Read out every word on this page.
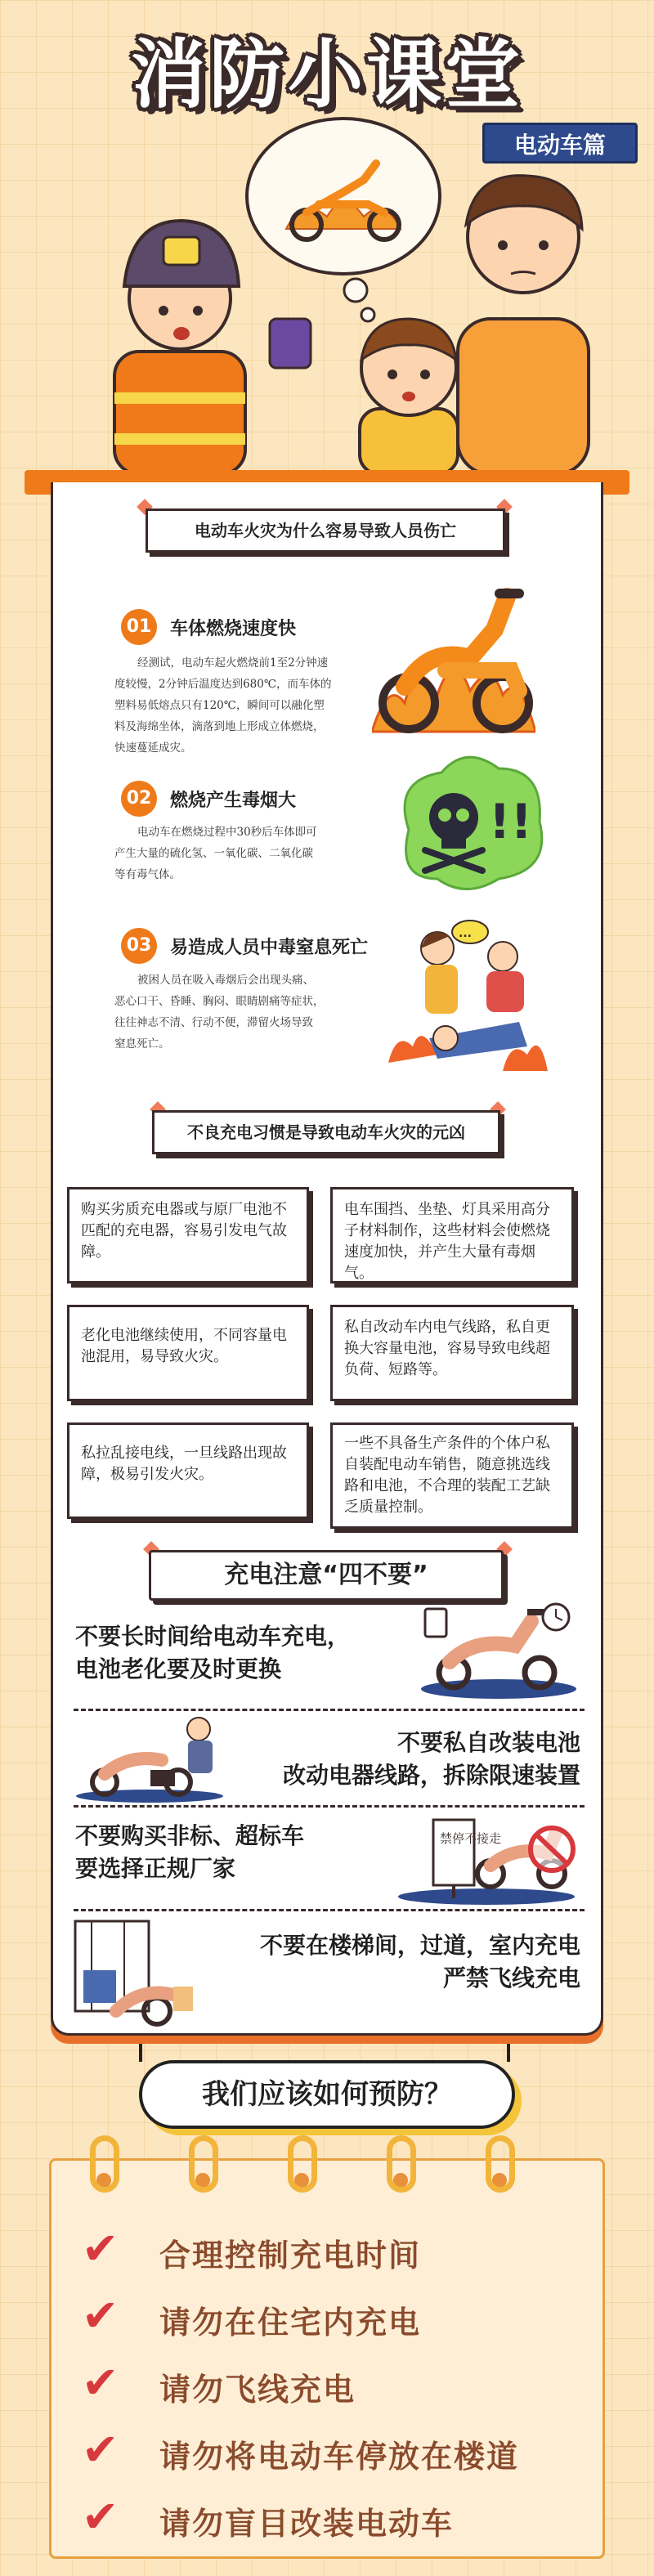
消防小课堂
电动车篇
电动车火灾为什么容易导致人员伤亡
01	车体燃烧速度快
经测试，电动车起火燃烧前1至2分钟速
度较慢，2分钟后温度达到680℃，而车体的
塑料易低熔点只有120℃，瞬间可以融化塑
料及海绵坐体，滴落到地上形成立体燃烧，
快速蔓延成灾。
02	燃烧产生毒烟大
电动车在燃烧过程中30秒后车体即可
产生大量的硫化氢、一氧化碳、二氧化碳
等有毒气体。
!!
03	易造成人员中毒窒息死亡
被困人员在吸入毒烟后会出现头痛、
恶心口干、昏睡、胸闷、眼睛剧痛等症状，
往往神志不清、行动不便，滞留火场导致
窒息死亡。
...
不良充电习惯是导致电动车火灾的元凶
购买劣质充电器或与原厂电池不匹配的充电器，容易引发电气故障。
电车围挡、坐垫、灯具采用高分子材料制作，这些材料会使燃烧速度加快，并产生大量有毒烟气。
老化电池继续使用，不同容量电池混用，易导致火灾。
私自改动车内电气线路，私自更换大容量电池，容易导致电线超负荷、短路等。
私拉乱接电线，一旦线路出现故障，极易引发火灾。
一些不具备生产条件的个体户私自装配电动车销售，随意挑选线路和电池，不合理的装配工艺缺乏质量控制。
充电注意“四不要”
不要长时间给电动车充电，
电池老化要及时更换
不要私自改装电池
改动电器线路，拆除限速装置
不要购买非标、超标车
要选择正规厂家
禁停不接走
不要在楼梯间，过道，室内充电
严禁飞线充电
我们应该如何预防？
✔ 合理控制充电时间
✔ 请勿在住宅内充电
✔ 请勿飞线充电
✔ 请勿将电动车停放在楼道
✔ 请勿盲目改装电动车
